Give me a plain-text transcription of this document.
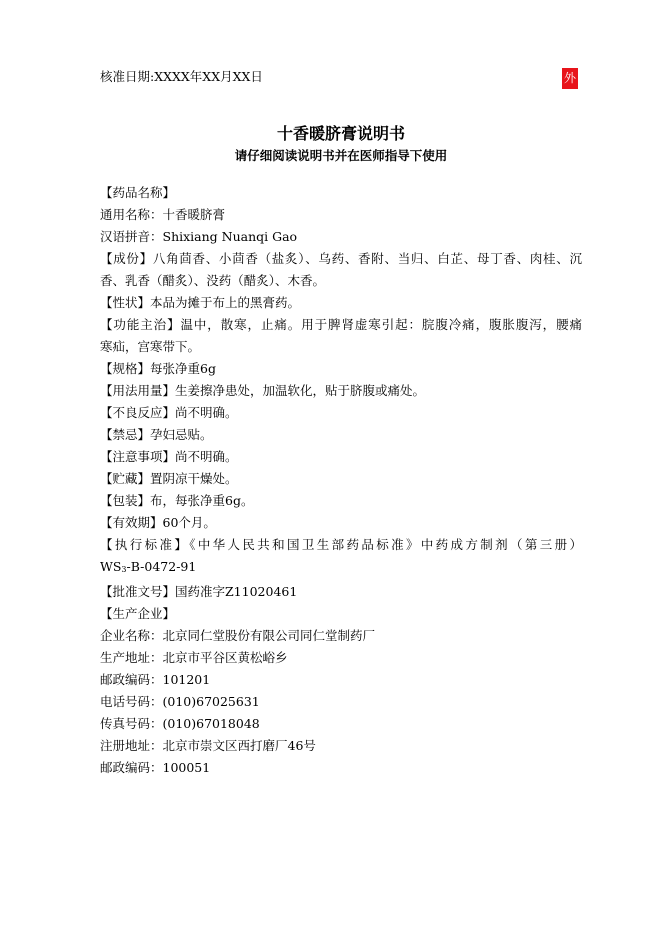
核准日期:XXXX年XX月XX日	外
十香暖脐膏说明书
请仔细阅读说明书并在医师指导下使用
【药品名称】
通用名称：十香暖脐膏
汉语拼音：Shixiang Nuanqi Gao
【成份】八角茴香、小茴香（盐炙）、乌药、香附、当归、白芷、母丁香、肉桂、沉
香、乳香（醋炙）、没药（醋炙）、木香。
【性状】本品为摊于布上的黑膏药。
【功能主治】温中，散寒，止痛。用于脾肾虚寒引起：脘腹冷痛，腹胀腹泻，腰痛
寒疝，宫寒带下。
【规格】每张净重6g
【用法用量】生姜擦净患处，加温软化，贴于脐腹或痛处。
【不良反应】尚不明确。
【禁忌】孕妇忌贴。
【注意事项】尚不明确。
【贮藏】置阴凉干燥处。
【包装】布，每张净重6g。
【有效期】60个月。
【执行标准】《中华人民共和国卫生部药品标准》中药成方制剂（第三册）
WS3-B-0472-91
【批准文号】国药准字Z11020461
【生产企业】
企业名称：北京同仁堂股份有限公司同仁堂制药厂
生产地址：北京市平谷区黄松峪乡
邮政编码：101201
电话号码：(010)67025631
传真号码：(010)67018048
注册地址：北京市崇文区西打磨厂46号
邮政编码：100051
